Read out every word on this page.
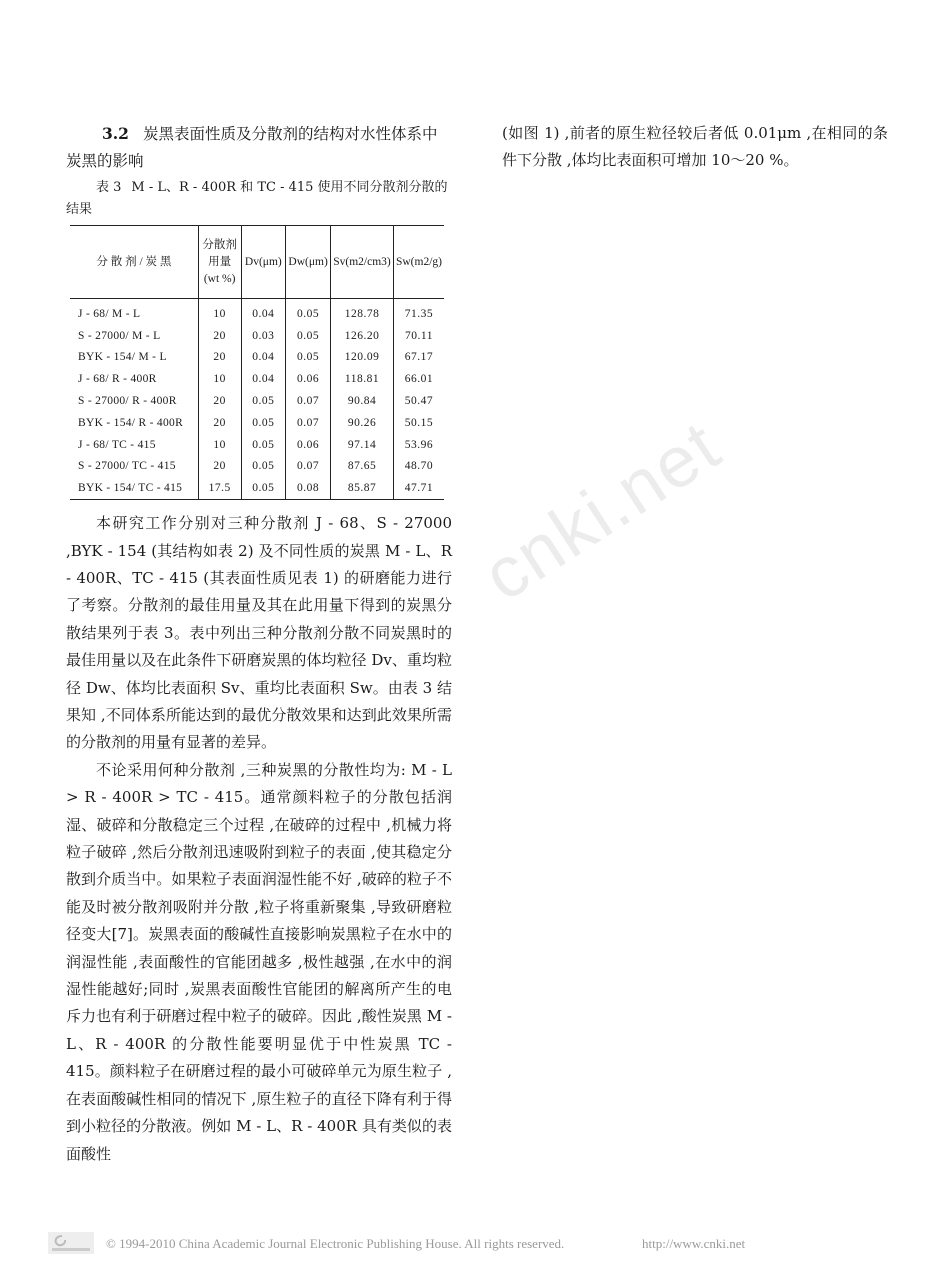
cnki.net

3.2 炭黑表面性质及分散剂的结构对水性体系中炭黑的影响

表 3 M - L、R - 400R 和 TC - 415 使用不同分散剂分散的结果

分 散 剂 / 炭 黑	分散剂用量(wt %)	Dv(μm)	Dw(μm)	Sv(m2/cm3)	Sw(m2/g)
J - 68/ M - L	10	0.04	0.05	128.78	71.35
S - 27000/ M - L	20	0.03	0.05	126.20	70.11
BYK - 154/ M - L	20	0.04	0.05	120.09	67.17
J - 68/ R - 400R	10	0.04	0.06	118.81	66.01
S - 27000/ R - 400R	20	0.05	0.07	90.84	50.47
BYK - 154/ R - 400R	20	0.05	0.07	90.26	50.15
J - 68/ TC - 415	10	0.05	0.06	97.14	53.96
S - 27000/ TC - 415	20	0.05	0.07	87.65	48.70
BYK - 154/ TC - 415	17.5	0.05	0.08	85.87	47.71

本研究工作分别对三种分散剂 J - 68、S - 27000 ,BYK - 154 (其结构如表 2) 及不同性质的炭黑 M - L、R - 400R、TC - 415 (其表面性质见表 1) 的研磨能力进行了考察。分散剂的最佳用量及其在此用量下得到的炭黑分散结果列于表 3。表中列出三种分散剂分散不同炭黑时的最佳用量以及在此条件下研磨炭黑的体均粒径 Dv、重均粒径 Dw、体均比表面积 Sv、重均比表面积 Sw。由表 3 结果知 ,不同体系所能达到的最优分散效果和达到此效果所需的分散剂的用量有显著的差异。

不论采用何种分散剂 ,三种炭黑的分散性均为: M - L > R - 400R > TC - 415。通常颜料粒子的分散包括润湿、破碎和分散稳定三个过程 ,在破碎的过程中 ,机械力将粒子破碎 ,然后分散剂迅速吸附到粒子的表面 ,使其稳定分散到介质当中。如果粒子表面润湿性能不好 ,破碎的粒子不能及时被分散剂吸附并分散 ,粒子将重新聚集 ,导致研磨粒径变大[7]。炭黑表面的酸碱性直接影响炭黑粒子在水中的润湿性能 ,表面酸性的官能团越多 ,极性越强 ,在水中的润湿性能越好;同时 ,炭黑表面酸性官能团的解离所产生的电斥力也有利于研磨过程中粒子的破碎。因此 ,酸性炭黑 M - L、R - 400R 的分散性能要明显优于中性炭黑 TC - 415。颜料粒子在研磨过程的最小可破碎单元为原生粒子 ,在表面酸碱性相同的情况下 ,原生粒子的直径下降有利于得到小粒径的分散液。例如 M - L、R - 400R 具有类似的表面酸性

(如图 1) ,前者的原生粒径较后者低 0.01μm ,在相同的条件下分散 ,体均比表面积可增加 10～20 %。

© 1994-2010 China Academic Journal Electronic Publishing House. All rights reserved.	http://www.cnki.net
